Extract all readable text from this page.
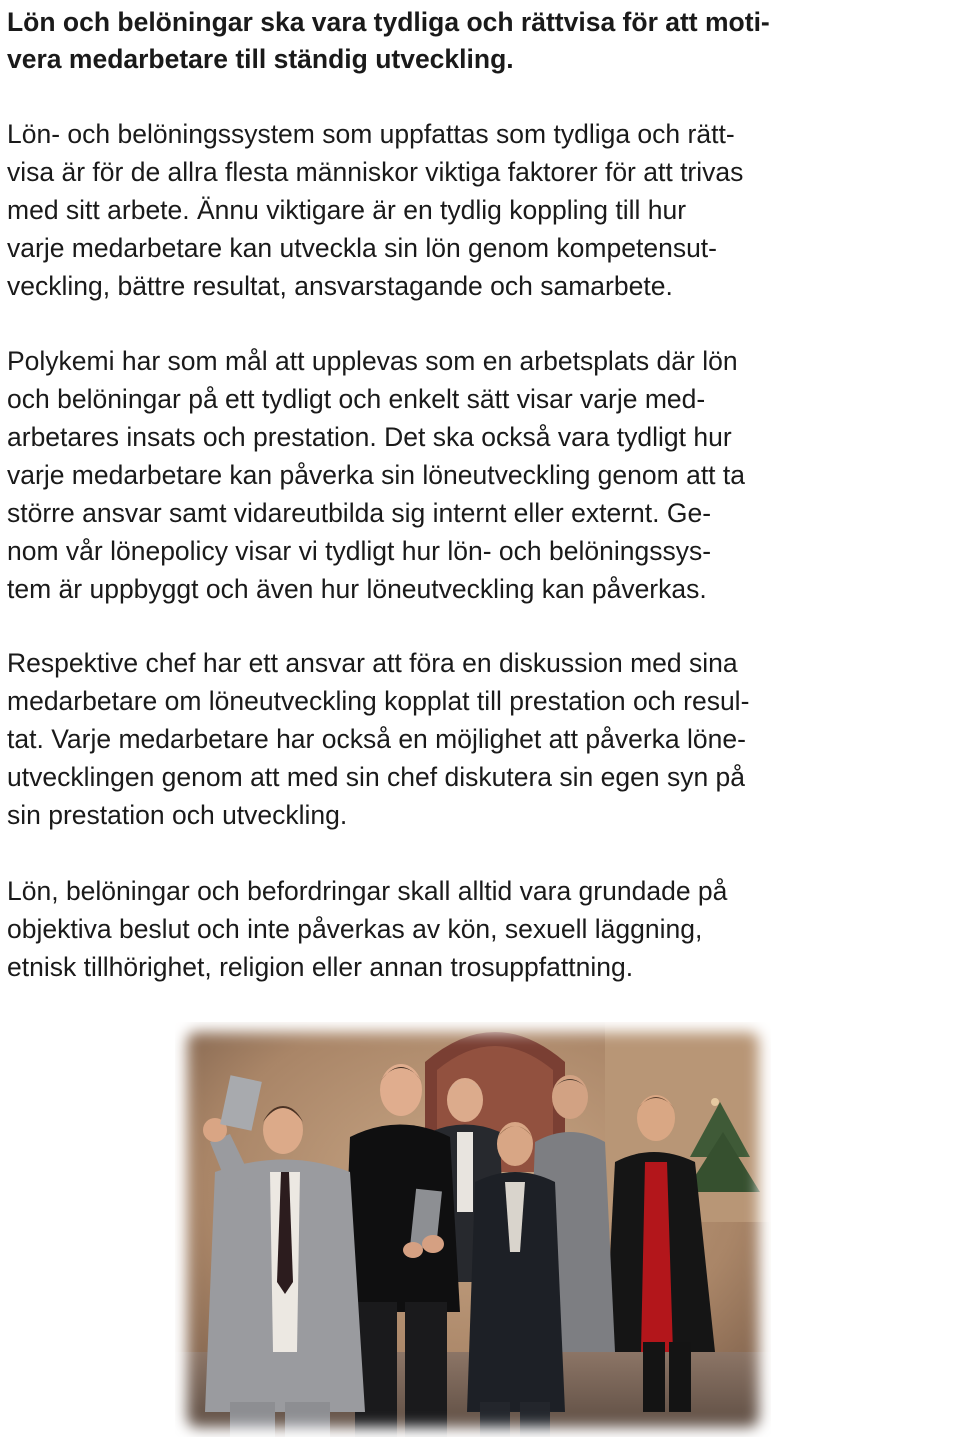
Lön och belöningar ska vara tydliga och rättvisa för att moti-
vera medarbetare till ständig utveckling.

Lön- och belöningssystem som uppfattas som tydliga och rätt-
visa är för de allra flesta människor viktiga faktorer för att trivas
med sitt arbete. Ännu viktigare är en tydlig koppling till hur
varje medarbetare kan utveckla sin lön genom kompetensut-
veckling, bättre resultat, ansvarstagande och samarbete.

Polykemi har som mål att upplevas som en arbetsplats där lön
och belöningar på ett tydligt och enkelt sätt visar varje med-
arbetares insats och prestation. Det ska också vara tydligt hur
varje medarbetare kan påverka sin löneutveckling genom att ta
större ansvar samt vidareutbilda sig internt eller externt. Ge-
nom vår lönepolicy visar vi tydligt hur lön- och belöningssys-
tem är uppbyggt och även hur löneutveckling kan påverkas.

Respektive chef har ett ansvar att föra en diskussion med sina
medarbetare om löneutveckling kopplat till prestation och resul-
tat. Varje medarbetare har också en möjlighet att påverka löne-
utvecklingen genom att med sin chef diskutera sin egen syn på
sin prestation och utveckling.

Lön, belöningar och befordringar skall alltid vara grundade på
objektiva beslut och inte påverkas av kön, sexuell läggning,
etnisk tillhörighet, religion eller annan trosuppfattning.
